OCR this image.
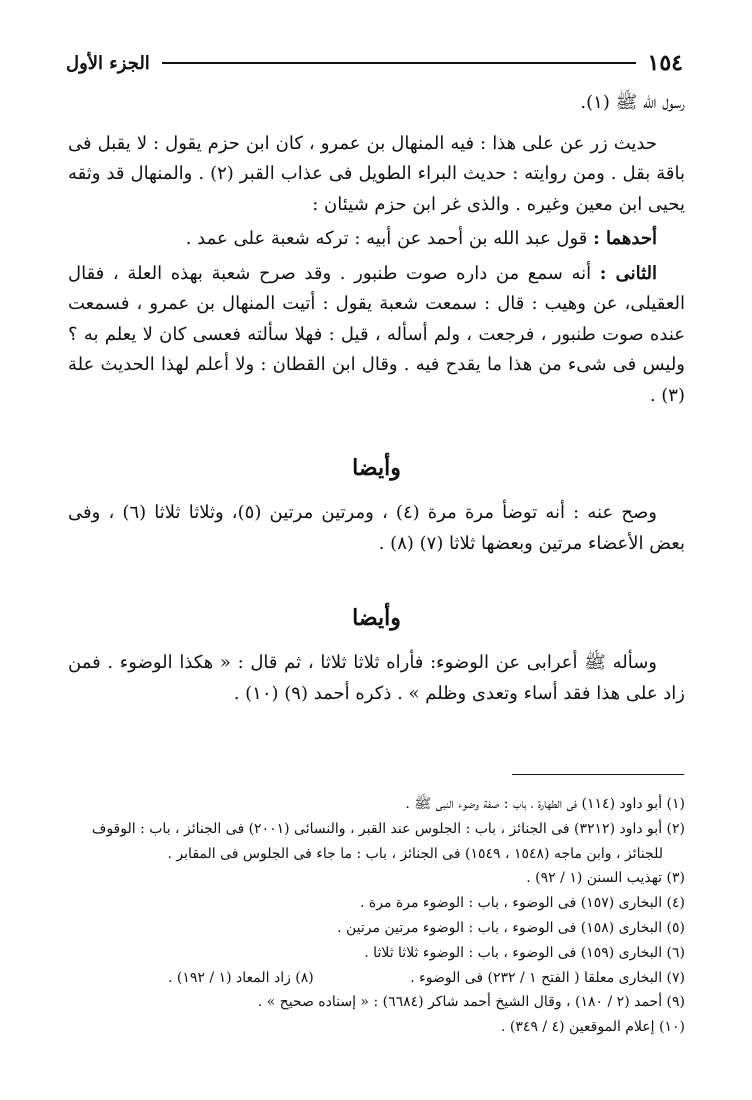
١٥٤
الجزء الأول

رسول الله ﷺ (١).

حديث زر عن على هذا : فيه المنهال بن عمرو ، كان ابن حزم يقول : لا يقبل فى باقة بقل . ومن روايته : حديث البراء الطويل فى عذاب القبر (٢) . والمنهال قد وثقه يحيى ابن معين وغيره . والذى غر ابن حزم شيئان :

أحدهما : قول عبد الله بن أحمد عن أبيه : تركه شعبة على عمد .

الثانى : أنه سمع من داره صوت طنبور . وقد صرح شعبة بهذه العلة ، فقال العقيلى، عن وهيب : قال : سمعت شعبة يقول : أتيت المنهال بن عمرو ، فسمعت عنده صوت طنبور ، فرجعت ، ولم أسأله ، قيل : فهلا سألته فعسى كان لا يعلم به ؟ وليس فى شىء من هذا ما يقدح فيه . وقال ابن القطان : ولا أعلم لهذا الحديث علة (٣) .

وأيضا

وصح عنه : أنه توضأ مرة مرة (٤) ، ومرتين مرتين (٥)، وثلاثا ثلاثا (٦) ، وفى بعض الأعضاء مرتين وبعضها ثلاثا (٧) (٨) .

وأيضا

وسأله ﷺ أعرابى عن الوضوء: فأراه ثلاثا ثلاثا ، ثم قال : « هكذا الوضوء . فمن زاد على هذا فقد أساء وتعدى وظلم » . ذكره أحمد (٩) (١٠) .

(١) أبو داود (١١٤) فى الطهارة ، باب : صفة وضوء النبى ﷺ .

(٢) أبو داود (٣٢١٢) فى الجنائز ، باب : الجلوس عند القبر ، والنسائى (٢٠٠١) فى الجنائز ، باب : الوقوف

للجنائز ، وابن ماجه (١٥٤٨ ، ١٥٤٩) فى الجنائز ، باب : ما جاء فى الجلوس فى المقابر .

(٣) تهذيب السنن (١ / ٩٢) .

(٤) البخارى (١٥٧) فى الوضوء ، باب : الوضوء مرة مرة .

(٥) البخارى (١٥٨) فى الوضوء ، باب : الوضوء مرتين مرتين .

(٦) البخارى (١٥٩) فى الوضوء ، باب : الوضوء ثلاثا ثلاثا .

(٧) البخارى معلقا ( الفتح ١ / ٢٣٢) فى الوضوء .
(٨) زاد المعاد (١ / ١٩٢) .

(٩) أحمد (٢ / ١٨٠) ، وقال الشيخ أحمد شاكر (٦٦٨٤) : « إسناده صحيح » .

(١٠) إعلام الموقعين (٤ / ٣٤٩) .
